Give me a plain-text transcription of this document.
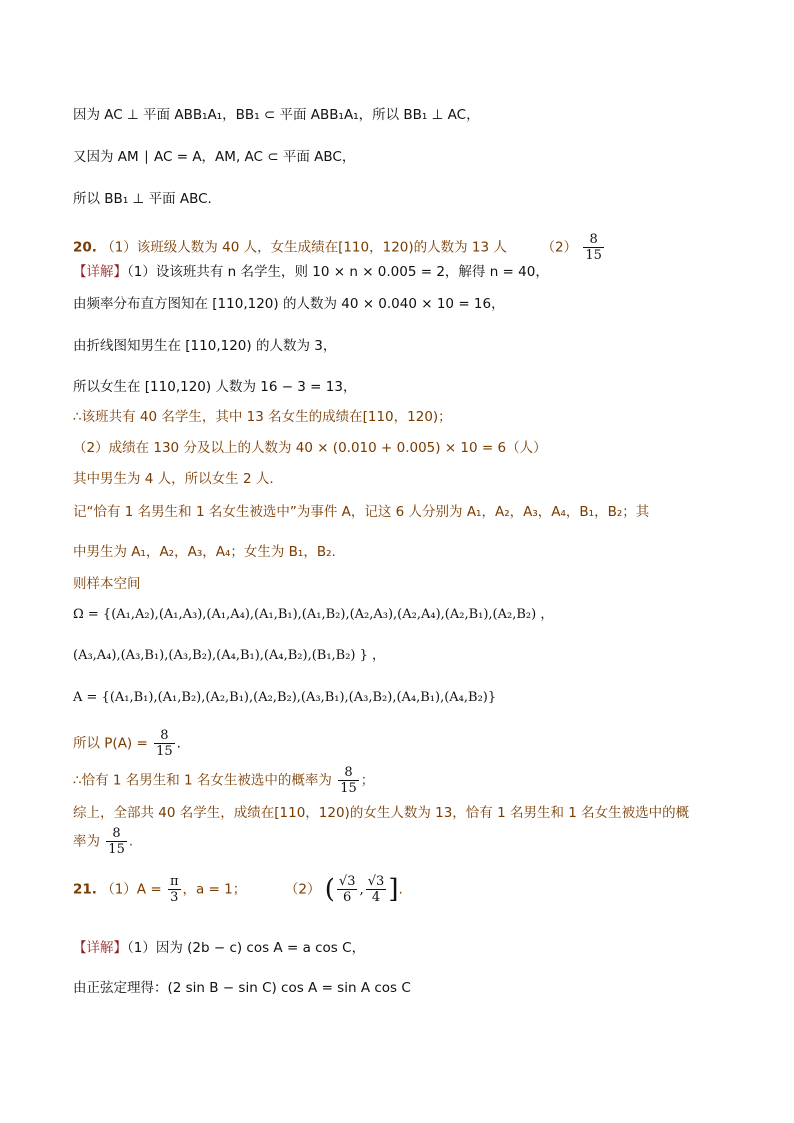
因为 AC ⊥ 平面 ABB₁A₁，BB₁ ⊂ 平面 ABB₁A₁，所以 BB₁ ⊥ AC，
又因为 AM ∣ AC = A，AM, AC ⊂ 平面 ABC，
所以 BB₁ ⊥ 平面 ABC.
20. （1）该班级人数为 40 人，女生成绩在[110，120)的人数为 13 人	$(2) \frac{8}{15}$
【详解】（1）设该班共有 n 名学生，则 10 × n × 0.005 = 2，解得 n = 40，
由频率分布直方图知在 [110,120) 的人数为 40 × 0.040 × 10 = 16，
由折线图知男生在 [110,120) 的人数为 3，
所以女生在 [110,120) 人数为 16 − 3 = 13，
∴该班共有 40 名学生，其中 13 名女生的成绩在[110，120)；
（2）成绩在 130 分及以上的人数为 40 × (0.010 + 0.005) × 10 = 6（人）
其中男生为 4 人，所以女生 2 人.
记“恰有 1 名男生和 1 名女生被选中”为事件 A，记这 6 人分别为 A₁，A₂，A₃，A₄，B₁，B₂；其
中男生为 A₁，A₂，A₃，A₄；女生为 B₁，B₂.
则样本空间
Ω = {(A₁,A₂),(A₁,A₃),(A₁,A₄),(A₁,B₁),(A₁,B₂),(A₂,A₃),(A₂,A₄),(A₂,B₁),(A₂,B₂) ，
(A₃,A₄),(A₃,B₁),(A₃,B₂),(A₄,B₁),(A₄,B₂),(B₁,B₂) } ，
A = {(A₁,B₁),(A₁,B₂),(A₂,B₁),(A₂,B₂),(A₃,B₁),(A₃,B₂),(A₄,B₁),(A₄,B₂)}
所以 $P(A) = \frac{8}{15}$ .
∴恰有 1 名男生和 1 名女生被选中的概率为 $\frac{8}{15}$ ；
综上，全部共 40 名学生，成绩在[110，120)的女生人数为 13，恰有 1 名男生和 1 名女生被选中的概
率为 $\frac{8}{15}$ .
21. $(1)A = \frac{\pi}{3}$ ，a = 1；	（2） ( $\frac{√3}{6}$ , $\frac{√3}{4}$ ].
【详解】（1）因为 (2b − c) cos A = a cos C，
由正弦定理得：(2 sin B − sin C) cos A = sin A cos C
